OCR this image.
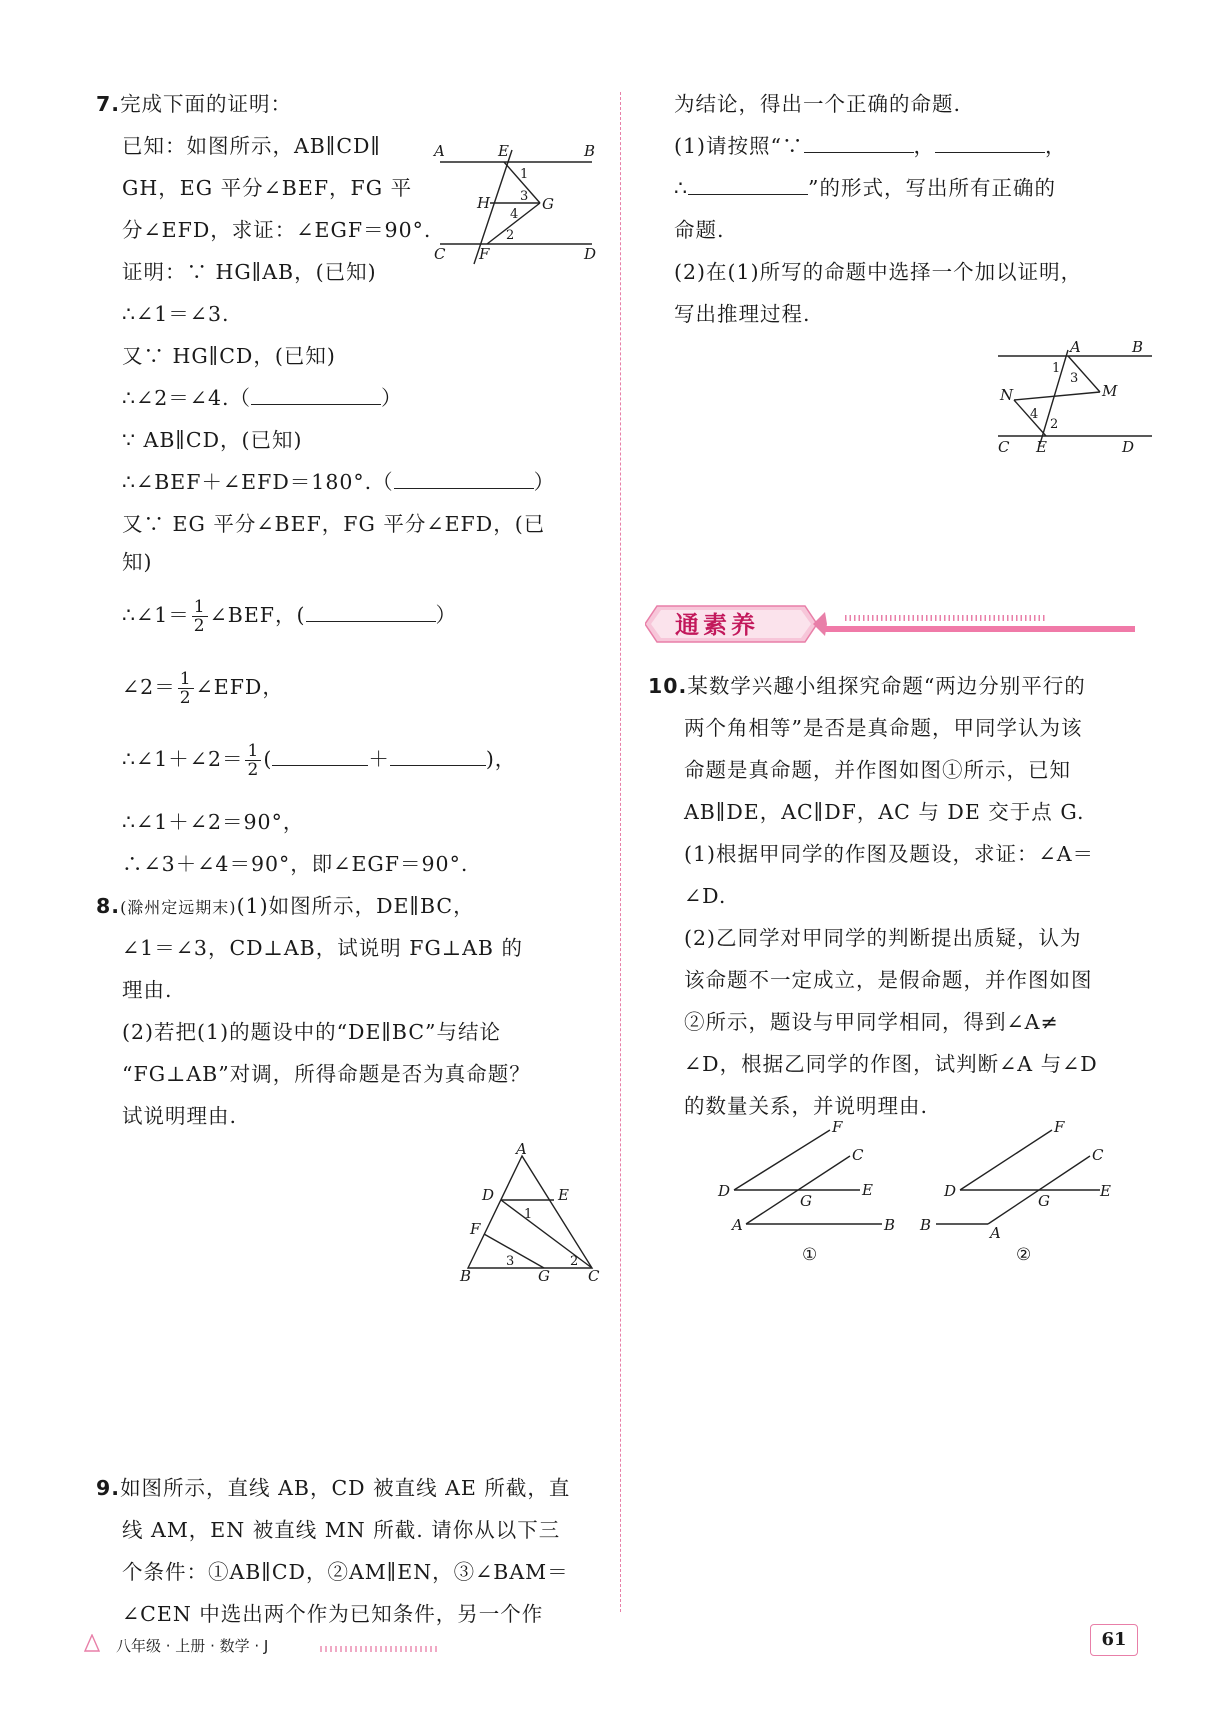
7.完成下面的证明：
已知：如图所示，AB∥CD∥
GH，EG 平分∠BEF，FG 平
分∠EFD，求证：∠EGF＝90°.
证明：∵ HG∥AB，(已知)
∴∠1＝∠3.
又∵ HG∥CD，(已知)
∴∠2＝∠4.（	）
∵ AB∥CD，(已知)
∴∠BEF＋∠EFD＝180°.（	）
又∵ EG 平分∠BEF，FG 平分∠EFD，(已
知)
∴∠1＝ $\frac{1}{2}$ ∠BEF，(	）
∠2＝ $\frac{1}{2}$ ∠EFD，
∴∠1＋∠2＝ $\frac{1}{2}$ (	＋	)，
∴∠1＋∠2＝90°，
∴∠3＋∠4＝90°，即∠EGF＝90°.
8.(滁州定远期末)(1)如图所示，DE∥BC，
∠1＝∠3，CD⊥AB，试说明 FG⊥AB 的
理由.
(2)若把(1)的题设中的“DE∥BC”与结论
“FG⊥AB”对调，所得命题是否为真命题？
试说明理由.
9.如图所示，直线 AB，CD 被直线 AE 所截，直
线 AM，EN 被直线 MN 所截. 请你从以下三
个条件：①AB∥CD，②AM∥EN，③∠BAM＝
∠CEN 中选出两个作为已知条件，另一个作
A	E	B
H	G
C F	D
1
3
4
2
A
D	E
F
1
3	2
B	G	C
为结论，得出一个正确的命题.
(1)请按照“∵	，	，
∴	”的形式，写出所有正确的
命题.
(2)在(1)所写的命题中选择一个加以证明，
写出推理过程.
10.某数学兴趣小组探究命题“两边分别平行的
两个角相等”是否是真命题，甲同学认为该
命题是真命题，并作图如图①所示，已知
AB∥DE，AC∥DF，AC 与 DE 交于点 G.
(1)根据甲同学的作图及题设，求证：∠A＝
∠D.
(2)乙同学对甲同学的判断提出质疑，认为
该命题不一定成立，是假命题，并作图如图
②所示，题设与甲同学相同，得到∠A≠
∠D，根据乙同学的作图，试判断∠A 与∠D
的数量关系，并说明理由.
A	B
1
3
M
N
4
2
C E	D
通素养
F
C
D
G
E
A	B
①
F
C
D
G
E
B	A
②
八年级 · 上册 · 数学 · J	61
